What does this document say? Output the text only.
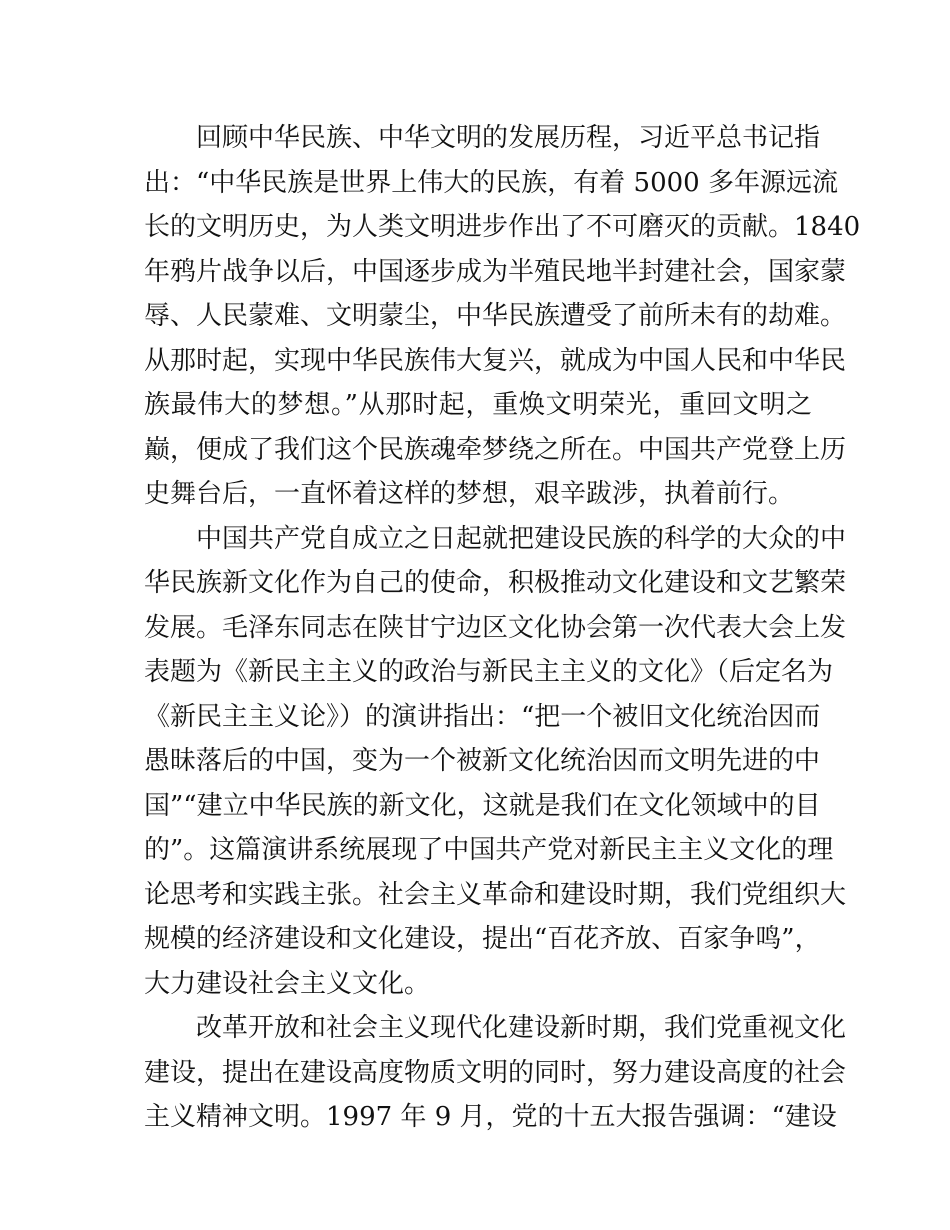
回顾中华民族、中华文明的发展历程，习近平总书记指
出：“中华民族是世界上伟大的民族，有着 5000 多年源远流
长的文明历史，为人类文明进步作出了不可磨灭的贡献。1840
年鸦片战争以后，中国逐步成为半殖民地半封建社会，国家蒙
辱、人民蒙难、文明蒙尘，中华民族遭受了前所未有的劫难。
从那时起，实现中华民族伟大复兴，就成为中国人民和中华民
族最伟大的梦想。”从那时起，重焕文明荣光，重回文明之
巅，便成了我们这个民族魂牵梦绕之所在。中国共产党登上历
史舞台后，一直怀着这样的梦想，艰辛跋涉，执着前行。
中国共产党自成立之日起就把建设民族的科学的大众的中
华民族新文化作为自己的使命，积极推动文化建设和文艺繁荣
发展。毛泽东同志在陕甘宁边区文化协会第一次代表大会上发
表题为《新民主主义的政治与新民主主义的文化》（后定名为
《新民主主义论》）的演讲指出：“把一个被旧文化统治因而
愚昧落后的中国，变为一个被新文化统治因而文明先进的中
国”“建立中华民族的新文化，这就是我们在文化领域中的目
的”。这篇演讲系统展现了中国共产党对新民主主义文化的理
论思考和实践主张。社会主义革命和建设时期，我们党组织大
规模的经济建设和文化建设，提出“百花齐放、百家争鸣”，
大力建设社会主义文化。
改革开放和社会主义现代化建设新时期，我们党重视文化
建设，提出在建设高度物质文明的同时，努力建设高度的社会
主义精神文明。1997 年 9 月，党的十五大报告强调：“建设
